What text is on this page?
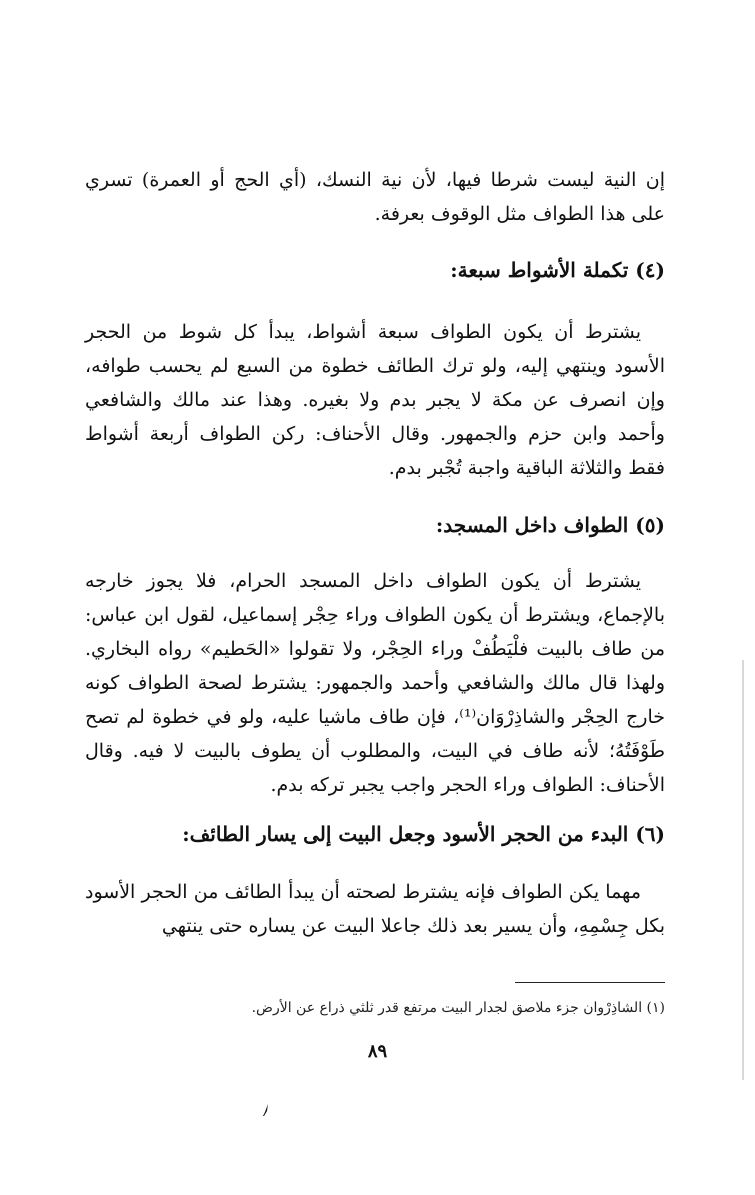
إن النية ليست شرطا فيها، لأن نية النسك، (أي الحج أو العمرة) تسري على هذا الطواف مثل الوقوف بعرفة.

(٤) تكملة الأشواط سبعة:

يشترط أن يكون الطواف سبعة أشواط، يبدأ كل شوط من الحجر الأسود وينتهي إليه، ولو ترك الطائف خطوة من السبع لم يحسب طوافه، وإن انصرف عن مكة لا يجبر بدم ولا بغيره. وهذا عند مالك والشافعي وأحمد وابن حزم والجمهور. وقال الأحناف: ركن الطواف أربعة أشواط فقط والثلاثة الباقية واجبة تُجْبر بدم.

(٥) الطواف داخل المسجد:

يشترط أن يكون الطواف داخل المسجد الحرام، فلا يجوز خارجه بالإجماع، ويشترط أن يكون الطواف وراء حِجْر إسماعيل، لقول ابن عباس: من طاف بالبيت فلْيَطُفْ وراء الحِجْر، ولا تقولوا «الحَطيم» رواه البخاري. ولهذا قال مالك والشافعي وأحمد والجمهور: يشترط لصحة الطواف كونه خارج الحِجْر والشاذِرْوَان⁽¹⁾، فإن طاف ماشيا عليه، ولو في خطوة لم تصح طَوْفَتُهُ؛ لأنه طاف في البيت، والمطلوب أن يطوف بالبيت لا فيه. وقال الأحناف: الطواف وراء الحجر واجب يجبر تركه بدم.

(٦) البدء من الحجر الأسود وجعل البيت إلى يسار الطائف:

مهما يكن الطواف فإنه يشترط لصحته أن يبدأ الطائف من الحجر الأسود بكل جِسْمِهِ، وأن يسير بعد ذلك جاعلا البيت عن يساره حتى ينتهي

(١) الشاذِرْوان جزء ملاصق لجدار البيت مرتفع قدر ثلثي ذراع عن الأرض.

٨٩
